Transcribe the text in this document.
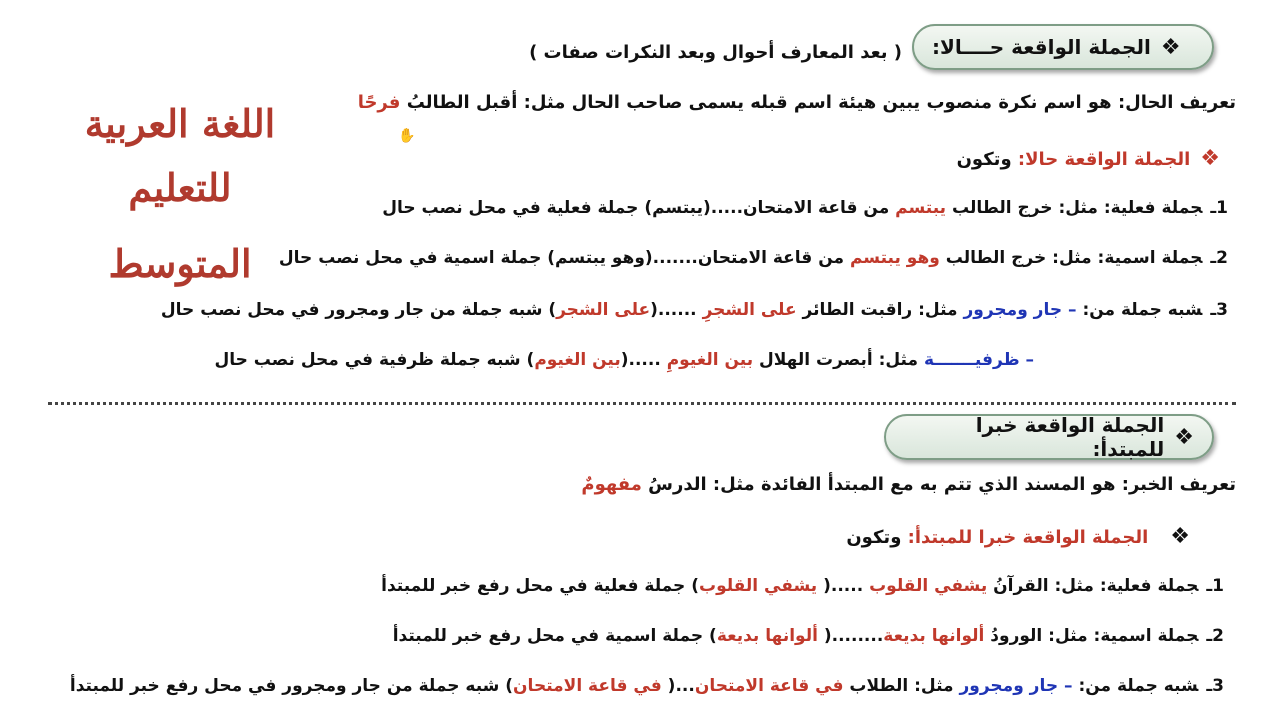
اللغة العربية للتعليم
المتوسط
❖
الجملة الواقعة حــــالا:
( بعد المعارف أحوال وبعد النكرات صفات )
تعريف الحال: هو اسم نكرة منصوب يبين هيئة اسم قبله يسمى صاحب الحال مثل: أقبل الطالبُ فرحًا
✋
❖الجملة الواقعة حالا: وتكون
1ـجملة فعلية: مثل: خرج الطالب يبتسم من قاعة الامتحان.....(يبتسم) جملة فعلية في محل نصب حال
2ـجملة اسمية: مثل: خرج الطالب وهو يبتسم من قاعة الامتحان.......(وهو يبتسم) جملة اسمية في محل نصب حال
3ـشبه جملة من: – جار ومجرور مثل: راقبت الطائر على الشجرِ ......(على الشجر) شبه جملة من جار ومجرور في محل نصب حال
– ظرفيـــــــة مثل: أبصرت الهلال بين الغيومِ .....(بين الغيوم) شبه جملة ظرفية في محل نصب حال
❖
الجملة الواقعة خبرا للمبتدأ:
تعريف الخبر: هو المسند الذي تتم به مع المبتدأ الفائدة مثل: الدرسُ مفهومٌ
❖الجملة الواقعة خبرا للمبتدأ: وتكون
1ـجملة فعلية: مثل: القرآنُ يشفي القلوب .....( يشفي القلوب) جملة فعلية في محل رفع خبر للمبتدأ
2ـجملة اسمية: مثل: الورودُ ألوانها بديعة........( ألوانها بديعة) جملة اسمية في محل رفع خبر للمبتدأ
3ـشبه جملة من: – جار ومجرور مثل: الطلاب في قاعة الامتحان...( في قاعة الامتحان) شبه جملة من جار ومجرور في محل رفع خبر للمبتدأ
